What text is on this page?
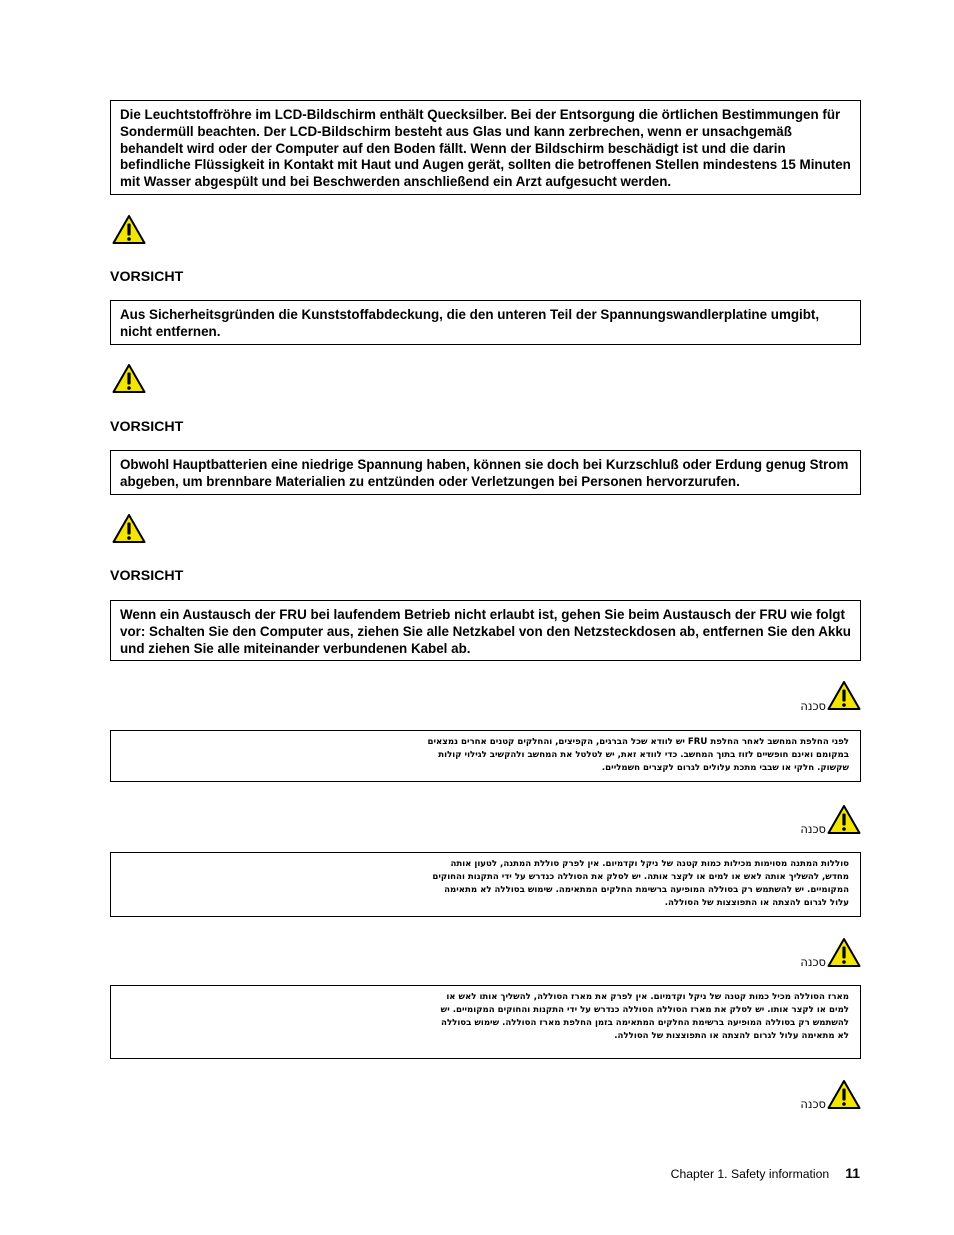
Die Leuchtstoffröhre im LCD-Bildschirm enthält Quecksilber. Bei der Entsorgung die örtlichen Bestimmungen für Sondermüll beachten. Der LCD-Bildschirm besteht aus Glas und kann zerbrechen, wenn er unsachgemäß behandelt wird oder der Computer auf den Boden fällt. Wenn der Bildschirm beschädigt ist und die darin befindliche Flüssigkeit in Kontakt mit Haut und Augen gerät, sollten die betroffenen Stellen mindestens 15 Minuten mit Wasser abgespült und bei Beschwerden anschließend ein Arzt aufgesucht werden.
VORSICHT
Aus Sicherheitsgründen die Kunststoffabdeckung, die den unteren Teil der Spannungswandlerplatine umgibt, nicht entfernen.
VORSICHT
Obwohl Hauptbatterien eine niedrige Spannung haben, können sie doch bei Kurzschluß oder Erdung genug Strom abgeben, um brennbare Materialien zu entzünden oder Verletzungen bei Personen hervorzurufen.
VORSICHT
Wenn ein Austausch der FRU bei laufendem Betrieb nicht erlaubt ist, gehen Sie beim Austausch der FRU wie folgt vor: Schalten Sie den Computer aus, ziehen Sie alle Netzkabel von den Netzsteckdosen ab, entfernen Sie den Akku und ziehen Sie alle miteinander verbundenen Kabel ab.
סכנה
לפני החלפת המחשב לאחר החלפת FRU יש לוודא שכל הברגים, הקפיצים, והחלקים קטנים אחרים נמצאים במקומם ואינם חופשיים לזוז בתוך המחשב. כדי לוודא זאת, יש לטלטל את המחשב ולהקשיב לגילוי קולות שקשוק. חלקי או שבבי מתכת עלולים לגרום לקצרים חשמליים.
סכנה
סוללות המתנה מסוימות מכילות כמות קטנה של ניקל וקדמיום. אין לפרק סוללת המתנה, לטעון אותה מחדש, להשליך אותה לאש או למים או לקצר אותה. יש לסלק את הסוללה כנדרש על ידי התקנות והחוקים המקומיים. יש להשתמש רק בסוללה המופיעה ברשימת החלקים המתאימה. שימוש בסוללה לא מתאימה עלול לגרום להצתה או התפוצצות של הסוללה.
סכנה
מארז הסוללה מכיל כמות קטנה של ניקל וקדמיום. אין לפרק את מארז הסוללה, להשליך אותו לאש או למים או לקצר אותו. יש לסלק את מארז הסוללה הסוללה כנדרש על ידי התקנות והחוקים המקומיים. יש להשתמש רק בסוללה המופיעה ברשימת החלקים המתאימה בזמן החלפת מארז הסוללה. שימוש בסוללה לא מתאימה עלול לגרום להצתה או התפוצצות של הסוללה.
סכנה
Chapter 1. Safety information 11
